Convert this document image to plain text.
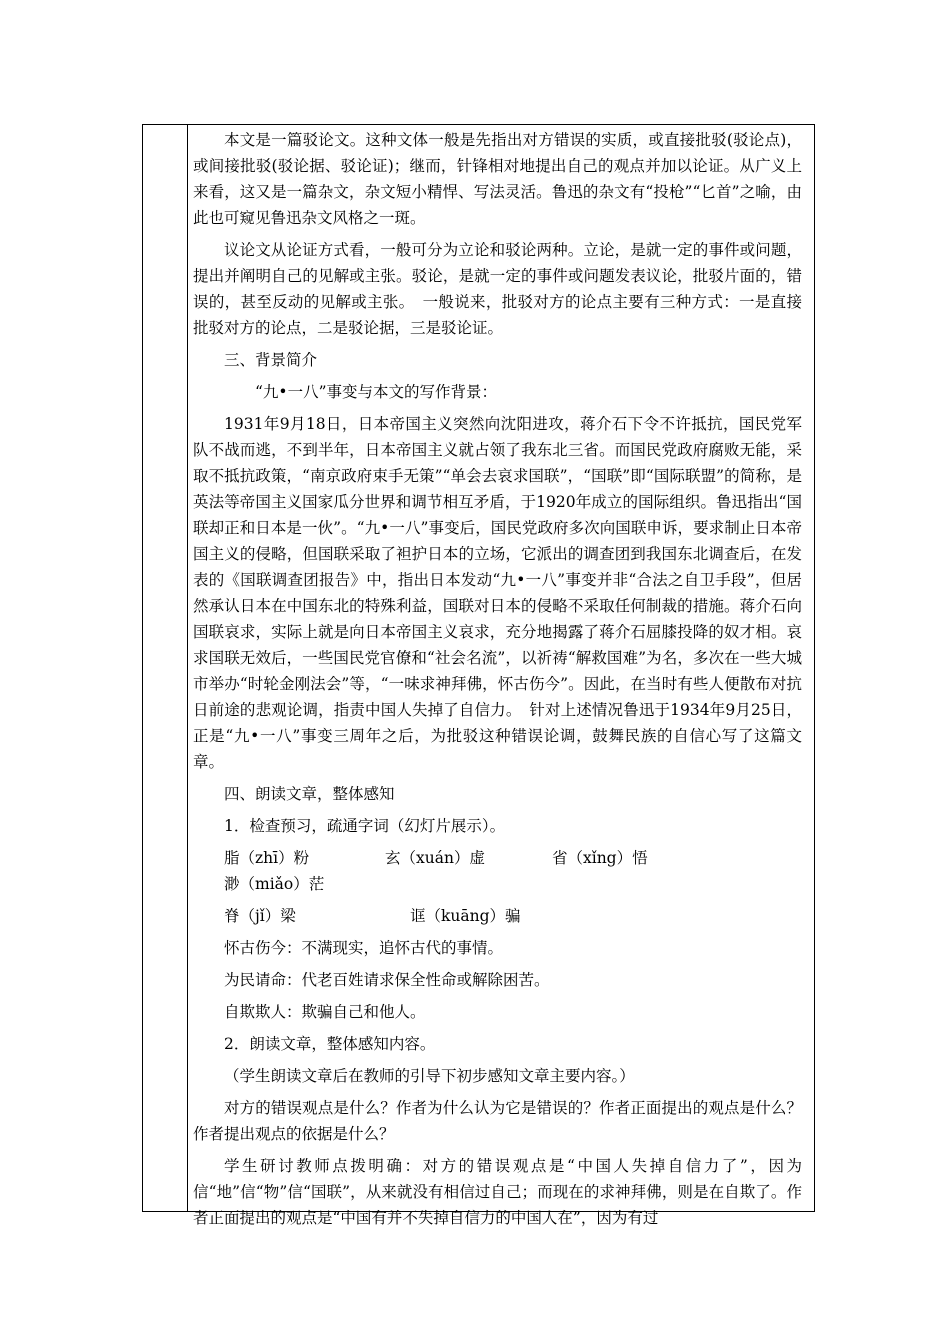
本文是一篇驳论文。这种文体一般是先指出对方错误的实质，或直接批驳(驳论点)，或间接批驳(驳论据、驳论证)；继而，针锋相对地提出自己的观点并加以论证。从广义上来看，这又是一篇杂文，杂文短小精悍、写法灵活。鲁迅的杂文有“投枪”“匕首”之喻，由此也可窥见鲁迅杂文风格之一斑。

议论文从论证方式看，一般可分为立论和驳论两种。立论，是就一定的事件或问题，提出并阐明自己的见解或主张。驳论，是就一定的事件或问题发表议论，批驳片面的，错误的，甚至反动的见解或主张。　一般说来，批驳对方的论点主要有三种方式：一是直接批驳对方的论点，二是驳论据，三是驳论证。

三、背景简介

“九•一八”事变与本文的写作背景：

1931年9月18日，日本帝国主义突然向沈阳进攻，蒋介石下令不许抵抗，国民党军队不战而逃，不到半年，日本帝国主义就占领了我东北三省。而国民党政府腐败无能，采取不抵抗政策，“南京政府束手无策”“单会去哀求国联”，“国联”即“国际联盟”的简称，是英法等帝国主义国家瓜分世界和调节相互矛盾，于1920年成立的国际组织。鲁迅指出“国联却正和日本是一伙”。“九•一八”事变后，国民党政府多次向国联申诉，要求制止日本帝国主义的侵略，但国联采取了袒护日本的立场，它派出的调查团到我国东北调查后，在发表的《国联调查团报告》中，指出日本发动“九•一八”事变并非“合法之自卫手段”，但居然承认日本在中国东北的特殊利益，国联对日本的侵略不采取任何制裁的措施。蒋介石向国联哀求，实际上就是向日本帝国主义哀求，充分地揭露了蒋介石屈膝投降的奴才相。哀求国联无效后，一些国民党官僚和“社会名流”，以祈祷“解救国难”为名，多次在一些大城市举办“时轮金刚法会”等，“一味求神拜佛，怀古伤今”。因此，在当时有些人便散布对抗日前途的悲观论调，指责中国人失掉了自信力。　针对上述情况鲁迅于1934年9月25日，正是“九•一八”事变三周年之后，为批驳这种错误论调，鼓舞民族的自信心写了这篇文章。

四、朗读文章，整体感知

1．检查预习，疏通字词（幻灯片展示）。

脂（zhī）粉	玄（xuán）虚	省（xǐng）悟
渺（miǎo）茫
脊（jǐ）梁	诓（kuāng）骗

怀古伤今：不满现实，追怀古代的事情。

为民请命：代老百姓请求保全性命或解除困苦。

自欺欺人：欺骗自己和他人。

2．朗读文章，整体感知内容。

（学生朗读文章后在教师的引导下初步感知文章主要内容。）

对方的错误观点是什么？作者为什么认为它是错误的？作者正面提出的观点是什么？作者提出观点的依据是什么？

学生研讨教师点拨明确：对方的错误观点是“中国人失掉自信力了”，因为信“地”信“物”信“国联”，从来就没有相信过自己；而现在的求神拜佛，则是在自欺了。作者正面提出的观点是“中国有并不失掉自信力的中国人在”，因为有过
